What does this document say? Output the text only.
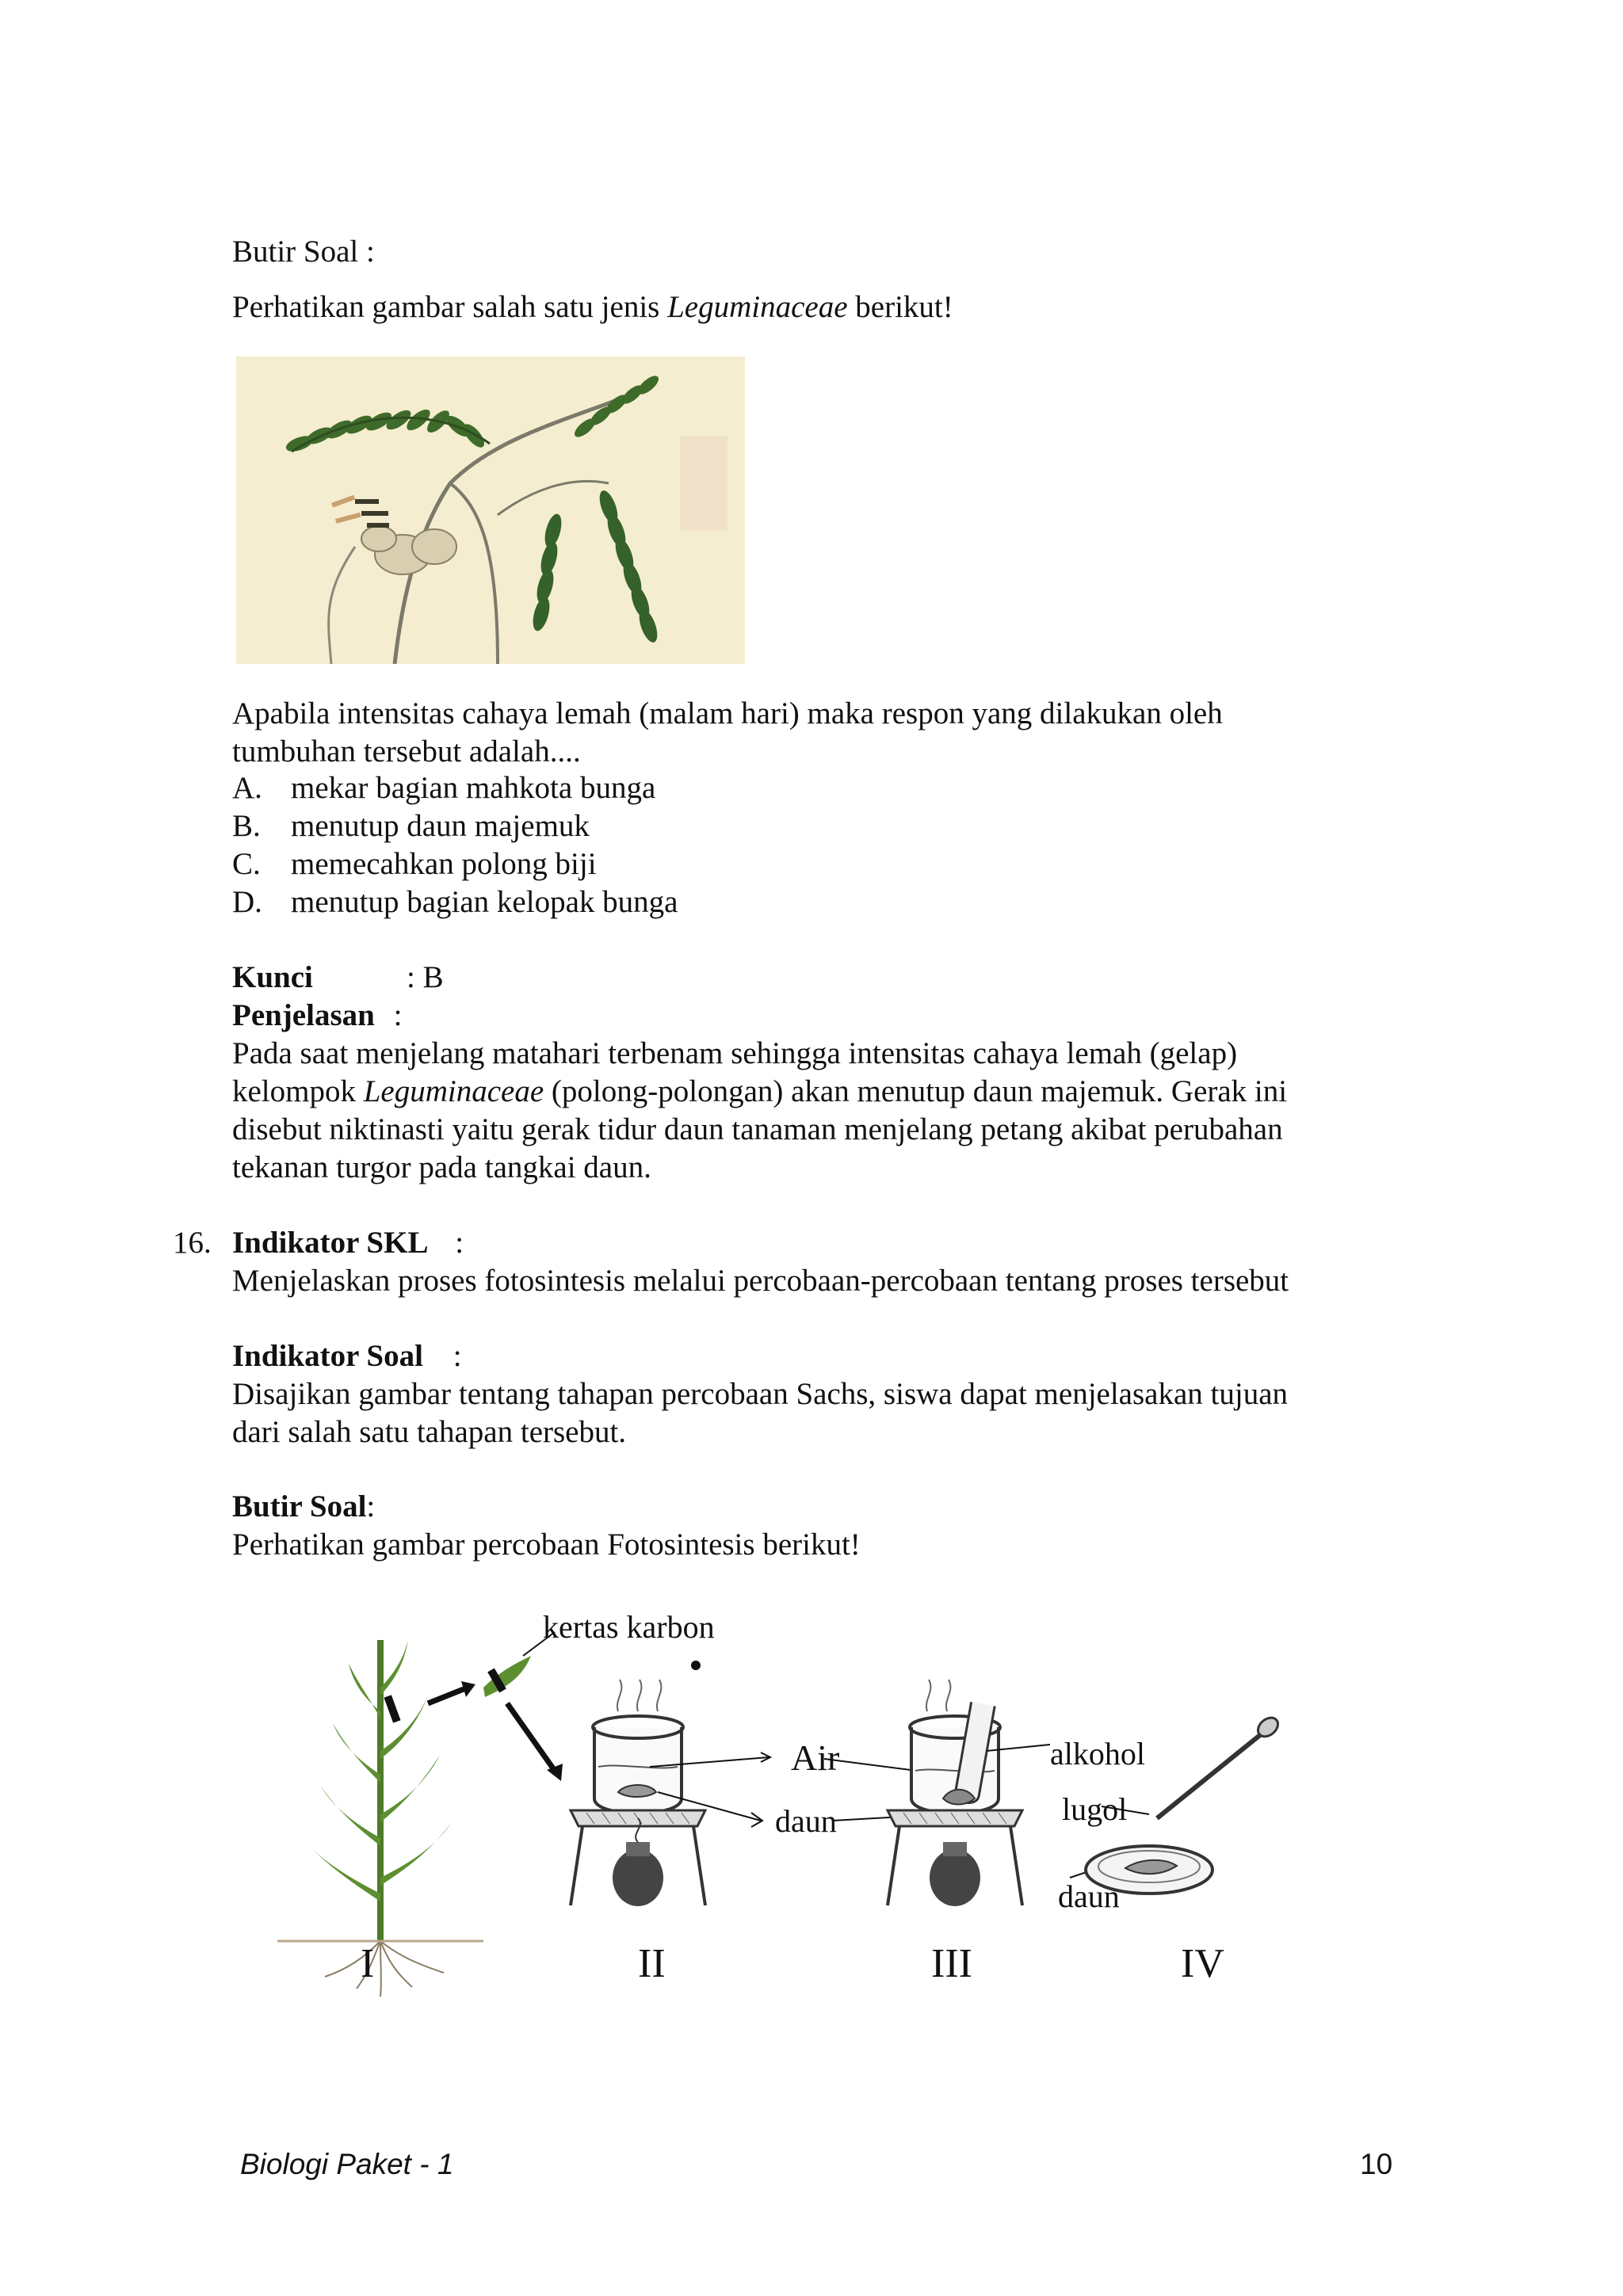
Butir Soal :
Perhatikan gambar salah satu jenis Leguminaceae berikut!
Apabila intensitas cahaya lemah (malam hari) maka respon yang dilakukan oleh
tumbuhan tersebut adalah....
A. mekar bagian mahkota bunga
B. menutup daun majemuk
C. memecahkan polong biji
D. menutup bagian kelopak bunga
Kunci	: B
Penjelasan :
Pada saat menjelang matahari terbenam sehingga intensitas cahaya lemah (gelap)
kelompok Leguminaceae (polong-polongan) akan menutup daun majemuk. Gerak ini
disebut niktinasti yaitu gerak tidur daun tanaman menjelang petang akibat perubahan
tekanan turgor pada tangkai daun.
16. Indikator SKL :
Menjelaskan proses fotosintesis melalui percobaan-percobaan tentang proses tersebut
Indikator Soal :
Disajikan gambar tentang tahapan percobaan Sachs, siswa dapat menjelasakan tujuan
dari salah satu tahapan tersebut.
Butir Soal:
Perhatikan gambar percobaan Fotosintesis berikut!
kertas karbon
Air
daun
alkohol
lugol
daun
I	II	III	IV
Biologi Paket - 1	10
